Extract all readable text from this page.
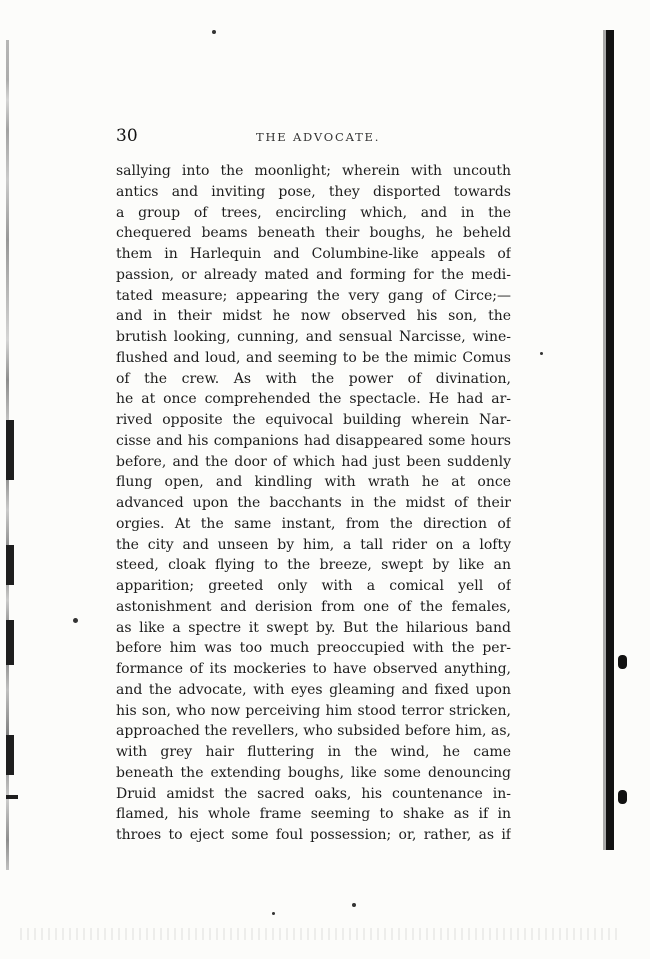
30	THE ADVOCATE.
sallying into the moonlight; wherein with uncouth
antics and inviting pose, they disported towards
a group of trees, encircling which, and in the
chequered beams beneath their boughs, he beheld
them in Harlequin and Columbine-like appeals of
passion, or already mated and forming for the medi-
tated measure; appearing the very gang of Circe;—
and in their midst he now observed his son, the
brutish looking, cunning, and sensual Narcisse, wine-
flushed and loud, and seeming to be the mimic Comus
of the crew. As with the power of divination,
he at once comprehended the spectacle. He had ar-
rived opposite the equivocal building wherein Nar-
cisse and his companions had disappeared some hours
before, and the door of which had just been suddenly
flung open, and kindling with wrath he at once
advanced upon the bacchants in the midst of their
orgies. At the same instant, from the direction of
the city and unseen by him, a tall rider on a lofty
steed, cloak flying to the breeze, swept by like an
apparition; greeted only with a comical yell of
astonishment and derision from one of the females,
as like a spectre it swept by. But the hilarious band
before him was too much preoccupied with the per-
formance of its mockeries to have observed anything,
and the advocate, with eyes gleaming and fixed upon
his son, who now perceiving him stood terror stricken,
approached the revellers, who subsided before him, as,
with grey hair fluttering in the wind, he came
beneath the extending boughs, like some denouncing
Druid amidst the sacred oaks, his countenance in-
flamed, his whole frame seeming to shake as if in
throes to eject some foul possession; or, rather, as if
